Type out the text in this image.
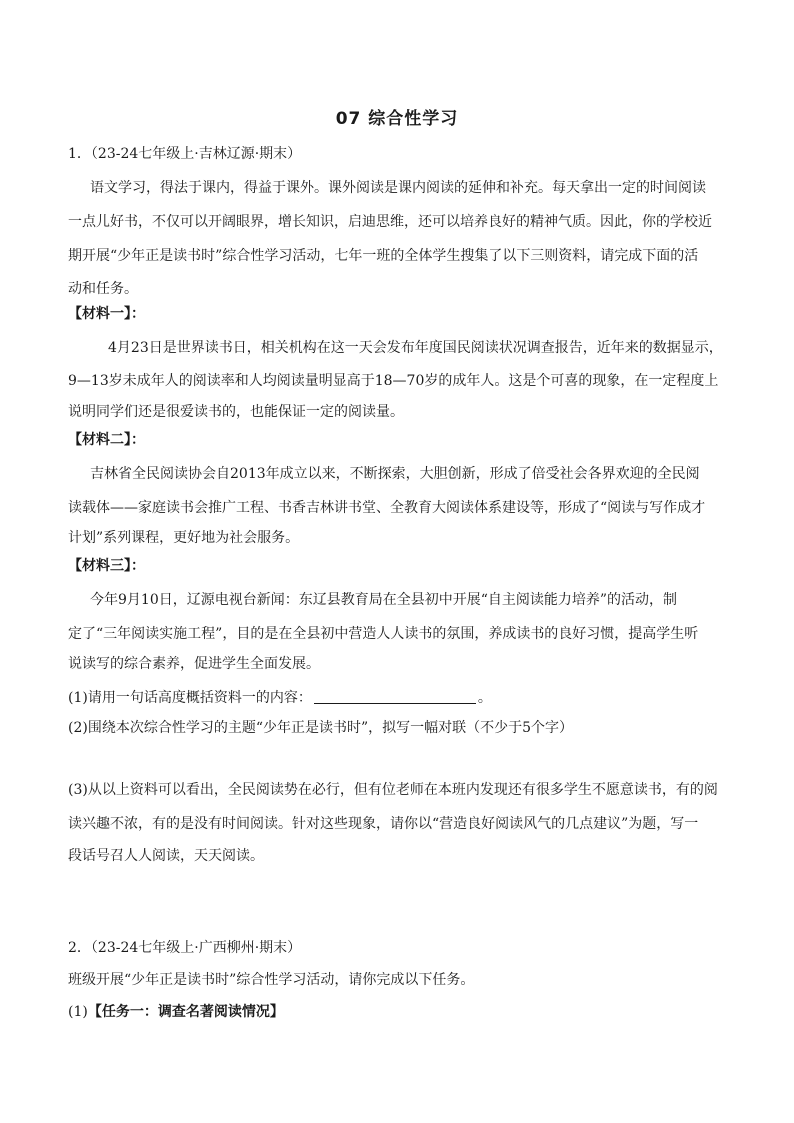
07 综合性学习
1．（23-24七年级上·吉林辽源·期末）
语文学习，得法于课内，得益于课外。课外阅读是课内阅读的延伸和补充。每天拿出一定的时间阅读
一点儿好书，不仅可以开阔眼界，增长知识，启迪思维，还可以培养良好的精神气质。因此，你的学校近
期开展“少年正是读书时”综合性学习活动，七年一班的全体学生搜集了以下三则资料，请完成下面的活
动和任务。
【材料一】：
4月23日是世界读书日，相关机构在这一天会发布年度国民阅读状况调查报告，近年来的数据显示，
9—13岁未成年人的阅读率和人均阅读量明显高于18—70岁的成年人。这是个可喜的现象，在一定程度上
说明同学们还是很爱读书的，也能保证一定的阅读量。
【材料二】：
吉林省全民阅读协会自2013年成立以来，不断探索，大胆创新，形成了倍受社会各界欢迎的全民阅
读载体——家庭读书会推广工程、书香吉林讲书堂、全教育大阅读体系建设等，形成了“阅读与写作成才
计划”系列课程，更好地为社会服务。
【材料三】：
今年9月10日，辽源电视台新闻：东辽县教育局在全县初中开展“自主阅读能力培养”的活动，制
定了“三年阅读实施工程”，目的是在全县初中营造人人读书的氛围，养成读书的良好习惯，提高学生听
说读写的综合素养，促进学生全面发展。
(1)请用一句话高度概括资料一的内容：	。
(2)围绕本次综合性学习的主题“少年正是读书时”，拟写一幅对联（不少于5个字）
(3)从以上资料可以看出，全民阅读势在必行，但有位老师在本班内发现还有很多学生不愿意读书，有的阅
读兴趣不浓，有的是没有时间阅读。针对这些现象，请你以“营造良好阅读风气的几点建议”为题，写一
段话号召人人阅读，天天阅读。
2．（23-24七年级上·广西柳州·期末）
班级开展“少年正是读书时”综合性学习活动，请你完成以下任务。
(1)【任务一：调查名著阅读情况】
